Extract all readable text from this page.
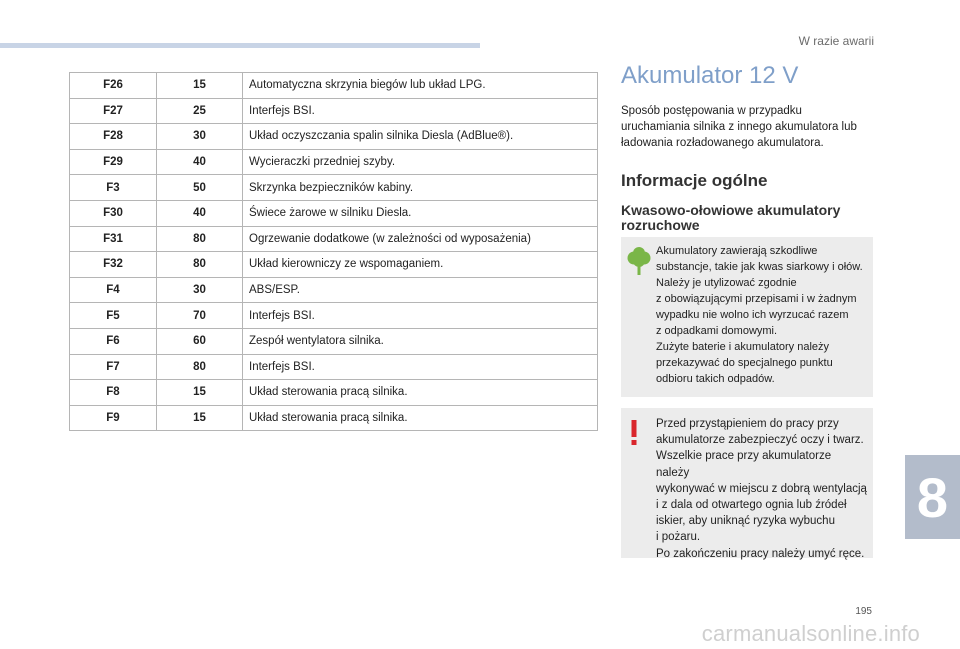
W razie awarii
F26	15	Automatyczna skrzynia biegów lub układ LPG.
F27	25	Interfejs BSI.
F28	30	Układ oczyszczania spalin silnika Diesla (AdBlue®).
F29	40	Wycieraczki przedniej szyby.
F3	50	Skrzynka bezpieczników kabiny.
F30	40	Świece żarowe w silniku Diesla.
F31	80	Ogrzewanie dodatkowe (w zależności od wyposażenia)
F32	80	Układ kierowniczy ze wspomaganiem.
F4	30	ABS/ESP.
F5	70	Interfejs BSI.
F6	60	Zespół wentylatora silnika.
F7	80	Interfejs BSI.
F8	15	Układ sterowania pracą silnika.
F9	15	Układ sterowania pracą silnika.
Akumulator 12 V

Sposób postępowania w przypadku uruchamiania silnika z innego akumulatora lub ładowania rozładowanego akumulatora.

Informacje ogólne
Kwasowo-ołowiowe akumulatory rozruchowe
Akumulatory zawierają szkodliwe
substancje, takie jak kwas siarkowy i ołów.
Należy je utylizować zgodnie
z obowiązującymi przepisami i w żadnym
wypadku nie wolno ich wyrzucać razem
z odpadkami domowymi.
Zużyte baterie i akumulatory należy
przekazywać do specjalnego punktu
odbioru takich odpadów.
Przed przystąpieniem do pracy przy
akumulatorze zabezpieczyć oczy i twarz.
Wszelkie prace przy akumulatorze należy
wykonywać w miejscu z dobrą wentylacją
i z dala od otwartego ognia lub źródeł
iskier, aby uniknąć ryzyka wybuchu
i pożaru.
Po zakończeniu pracy należy umyć ręce.
8
195
carmanualsonline.info
